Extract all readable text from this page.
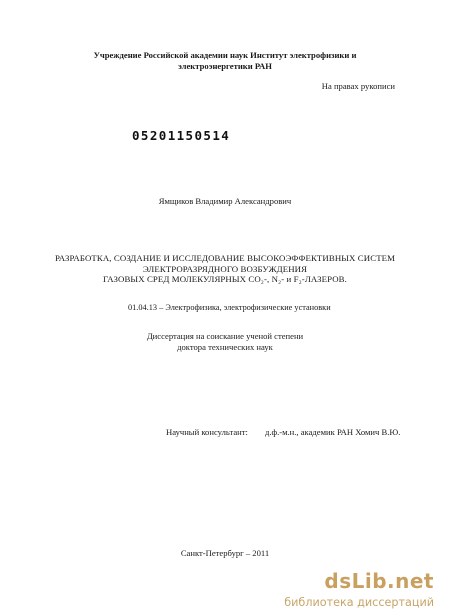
Учреждение Российской академии наук Институт электрофизики и
электроэнергетики РАН
На правах рукописи
05201150514
Ямщиков Владимир Александрович
РАЗРАБОТКА, СОЗДАНИЕ И ИССЛЕДОВАНИЕ ВЫСОКОЭФФЕКТИВНЫХ СИСТЕМ
ЭЛЕКТРОРАЗРЯДНОГО ВОЗБУЖДЕНИЯ
ГАЗОВЫХ СРЕД МОЛЕКУЛЯРНЫХ CO₂-, N₂- и F₂-ЛАЗЕРОВ.
01.04.13 – Электрофизика, электрофизические установки
Диссертация на соискание ученой степени
доктора технических наук
Научный консультант: д.ф.-м.н., академик РАН Хомич В.Ю.
Санкт-Петербург – 2011
dsLib.net
библиотека диссертаций
